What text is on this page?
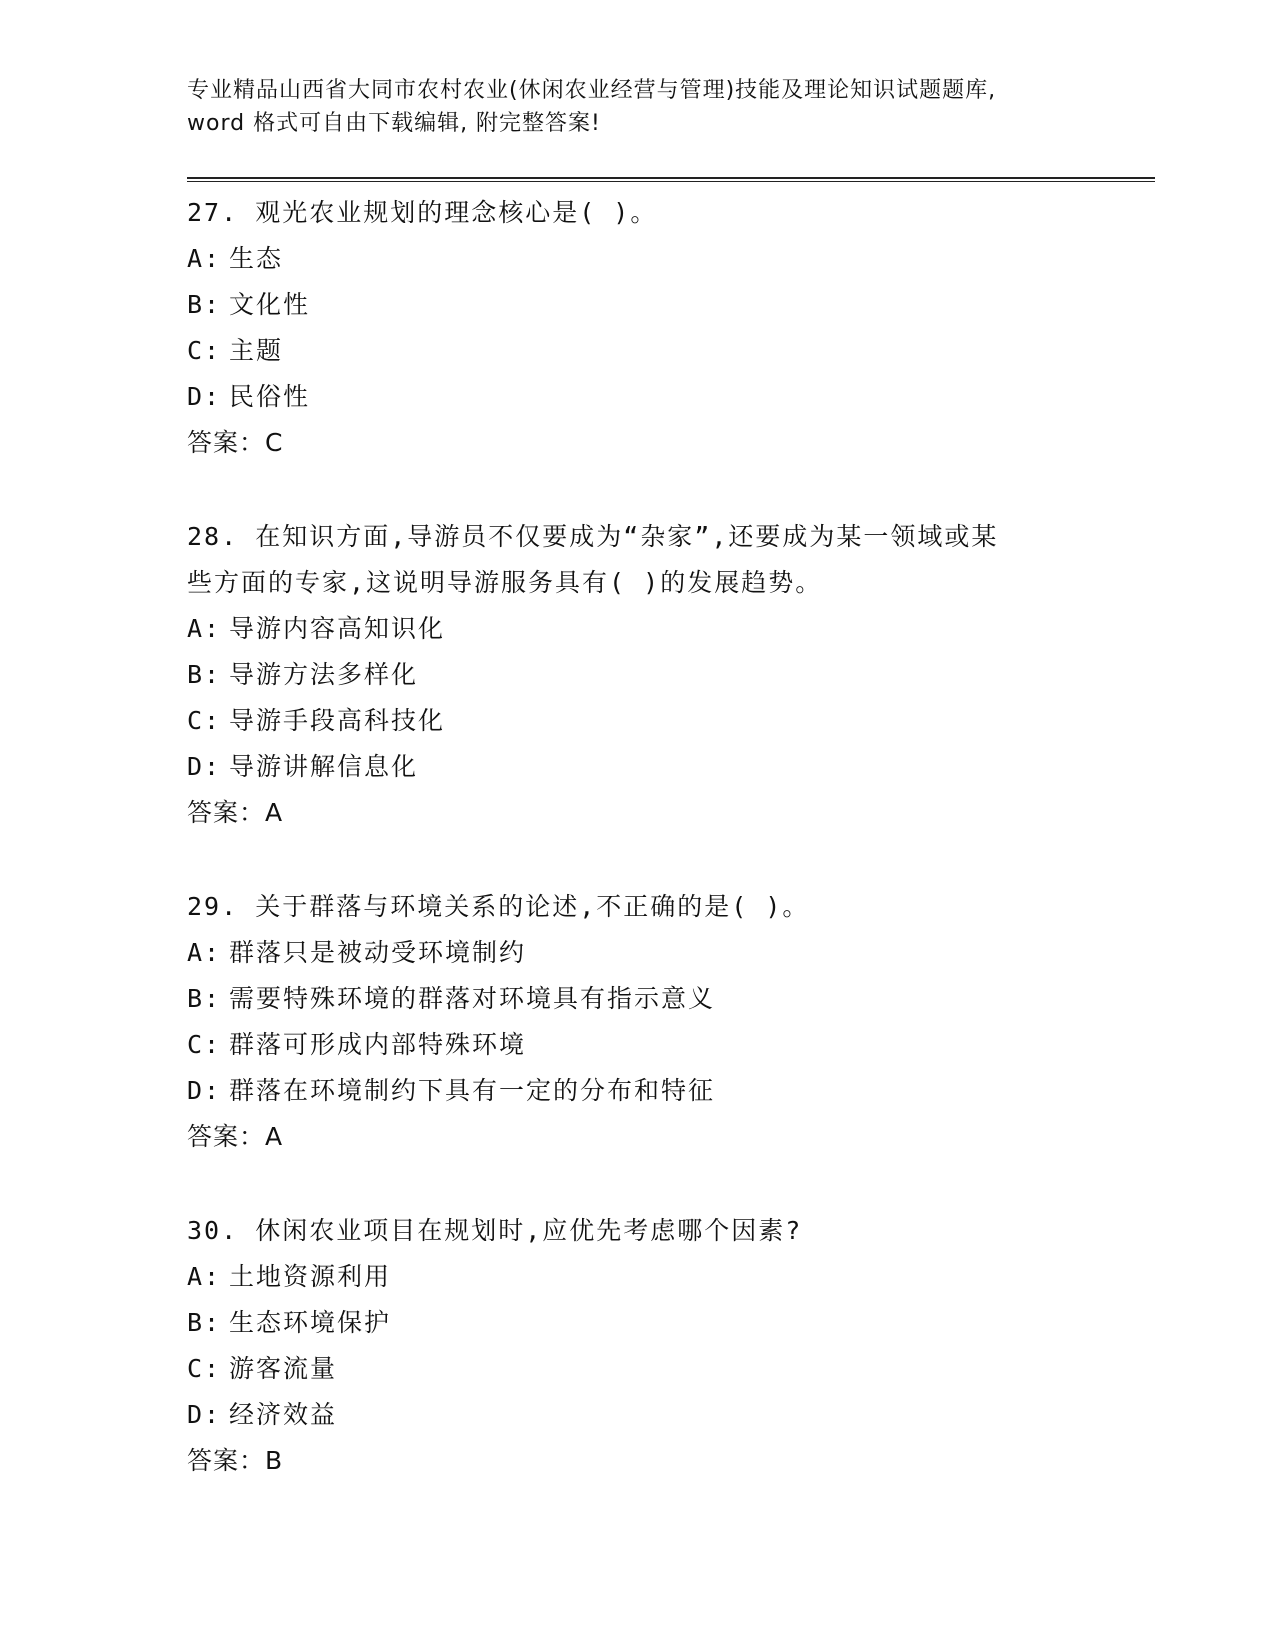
专业精品山西省大同市农村农业(休闲农业经营与管理)技能及理论知识试题题库,
word 格式可自由下载编辑, 附完整答案!
27. 观光农业规划的理念核心是( )。
A: 生态
B: 文化性
C: 主题
D: 民俗性
答案：C
28. 在知识方面,导游员不仅要成为“杂家”,还要成为某一领域或某
些方面的专家,这说明导游服务具有( )的发展趋势。
A: 导游内容高知识化
B: 导游方法多样化
C: 导游手段高科技化
D: 导游讲解信息化
答案：A
29. 关于群落与环境关系的论述,不正确的是( )。
A: 群落只是被动受环境制约
B: 需要特殊环境的群落对环境具有指示意义
C: 群落可形成内部特殊环境
D: 群落在环境制约下具有一定的分布和特征
答案：A
30. 休闲农业项目在规划时,应优先考虑哪个因素?
A: 土地资源利用
B: 生态环境保护
C: 游客流量
D: 经济效益
答案：B
